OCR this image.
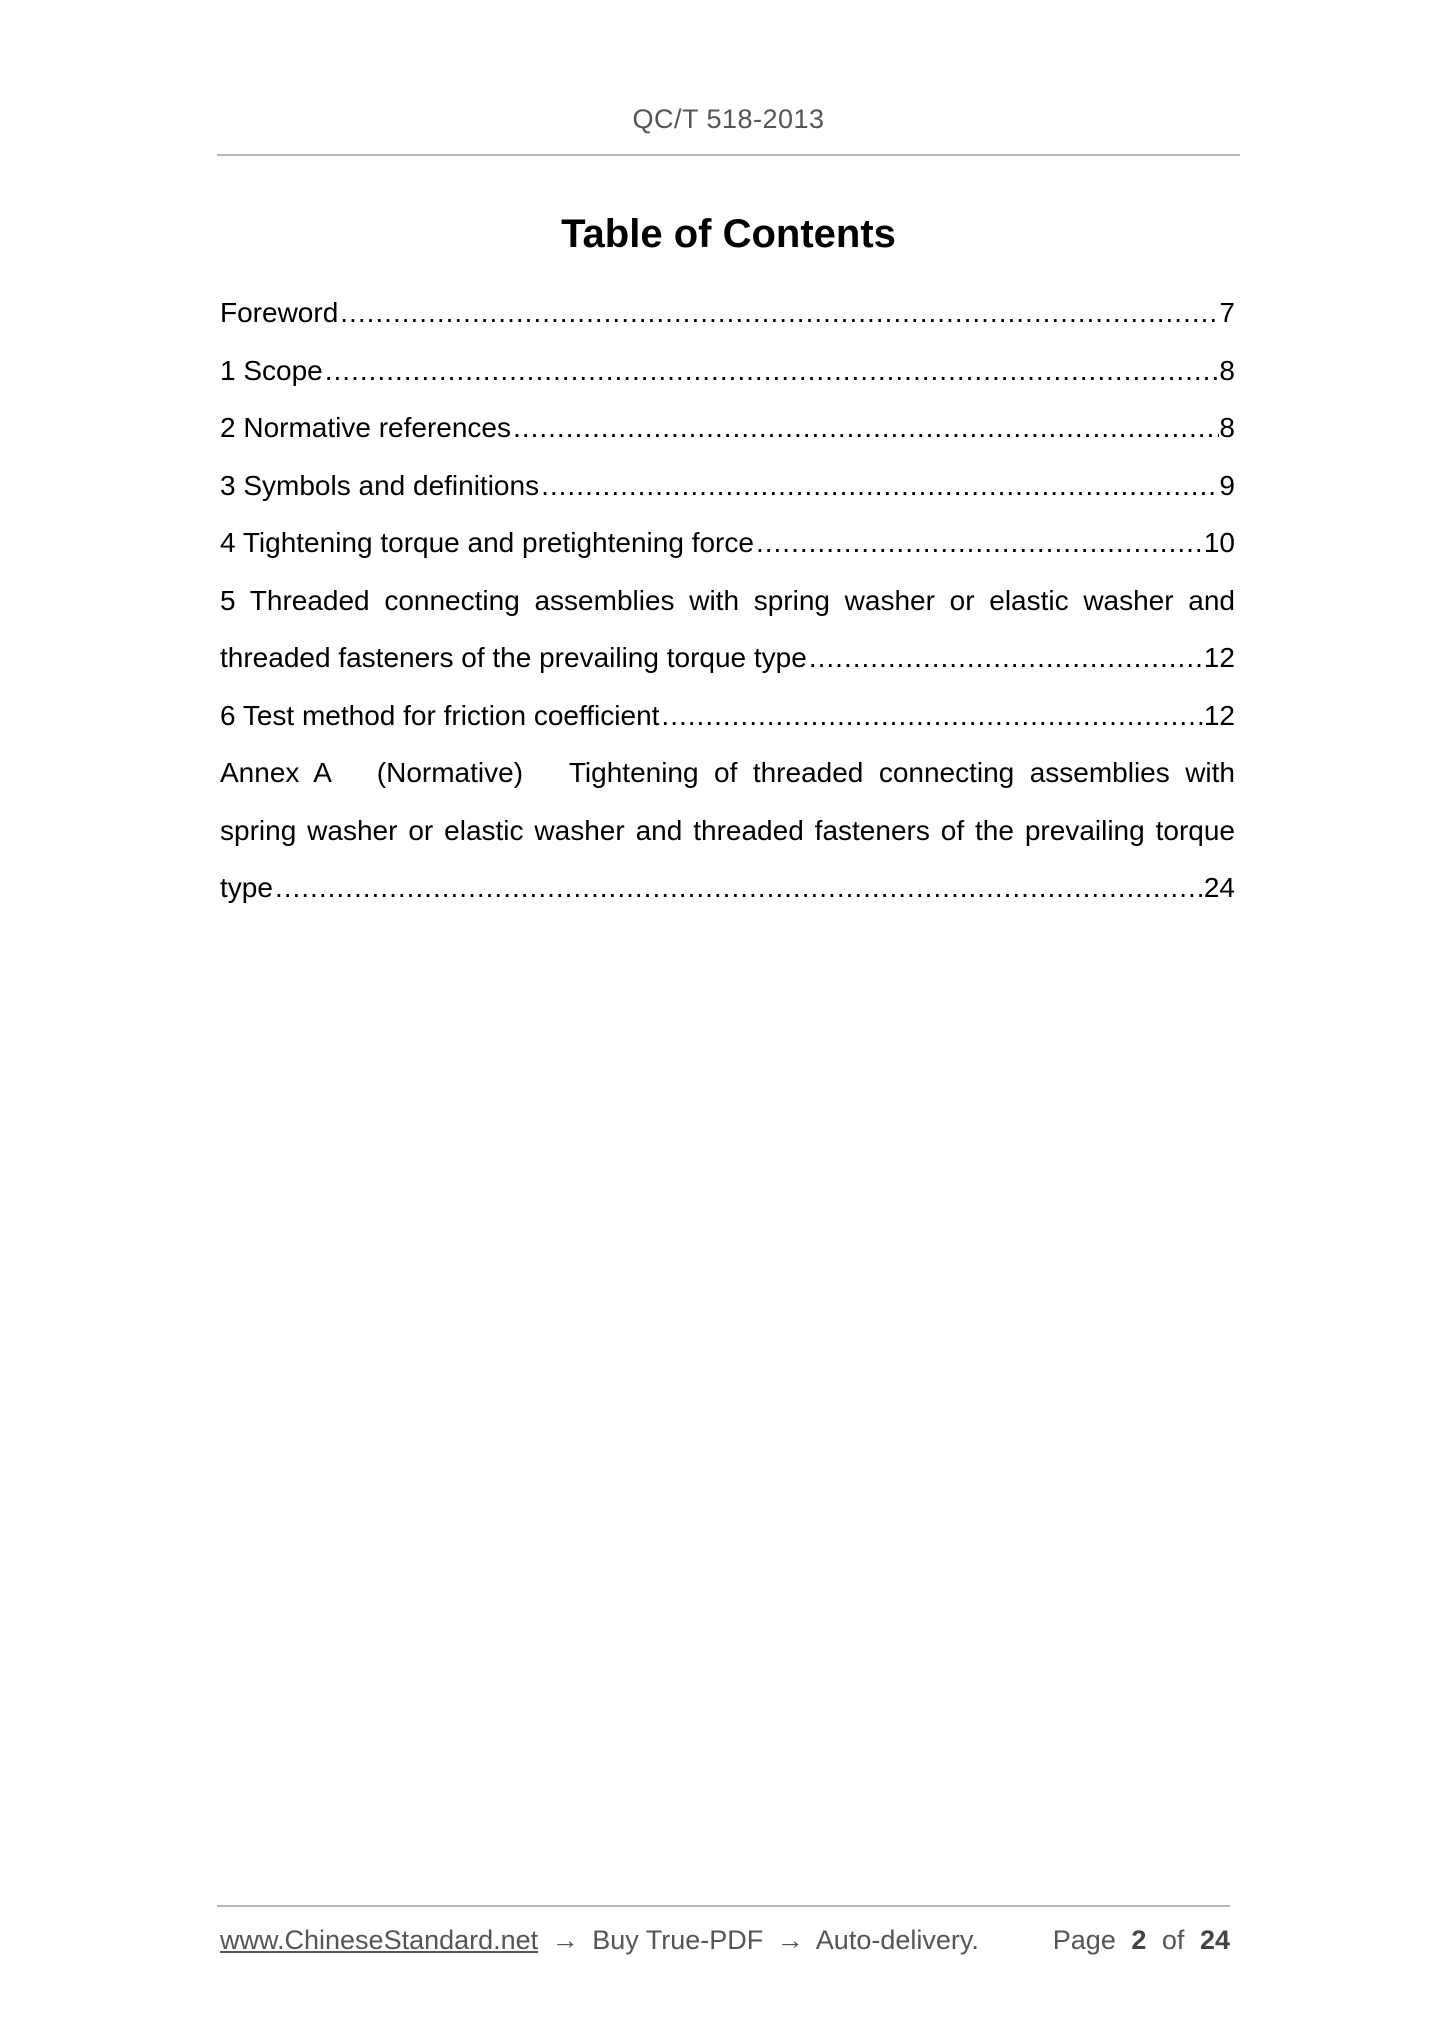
QC/T 518-2013
Table of Contents
Foreword .....	7
1 Scope .....	8
2 Normative references .....	8
3 Symbols and definitions .....	9
4 Tightening torque and pretightening force .....	10
5 Threaded connecting assemblies with spring washer or elastic washer and
threaded fasteners of the prevailing torque type .....	12
6 Test method for friction coefficient .....	12
Annex A   (Normative)   Tightening of threaded connecting assemblies with
spring washer or elastic washer and threaded fasteners of the prevailing torque
type .....	24
www.ChineseStandard.net → Buy True-PDF → Auto-delivery.	Page 2 of 24
